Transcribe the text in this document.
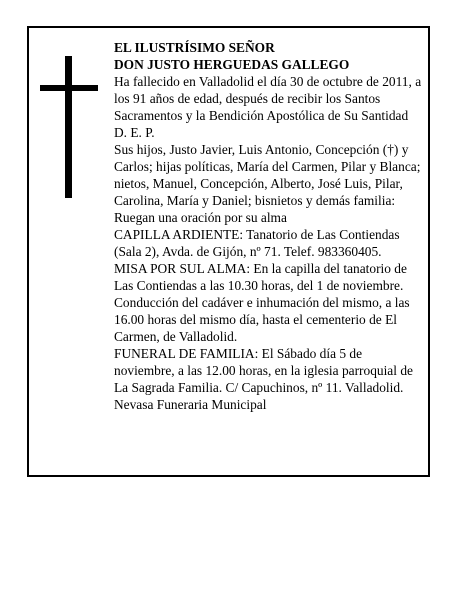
EL ILUSTRÍSIMO SEÑOR

DON JUSTO HERGUEDAS GALLEGO

Ha fallecido en Valladolid el día 30 de octubre de 2011, a los 91 años de edad, después de recibir los Santos Sacramentos y la Bendición Apostólica de Su Santidad D. E. P.

Sus hijos, Justo Javier, Luis Antonio, Concepción (†) y Carlos; hijas políticas, María del Carmen, Pilar y Blanca; nietos, Manuel, Concepción, Alberto, José Luis, Pilar, Carolina, María y Daniel; bisnietos y demás familia:

Ruegan una oración por su alma

CAPILLA ARDIENTE: Tanatorio de Las Contiendas (Sala 2), Avda. de Gijón, nº 71. Telef. 983360405.

MISA POR SUL ALMA: En la capilla del tanatorio de Las Contiendas a las 10.30 horas, del 1 de noviembre.

Conducción del cadáver e inhumación del mismo, a las 16.00 horas del mismo día, hasta el cementerio de El Carmen, de Valladolid.

FUNERAL DE FAMILIA: El Sábado día 5 de noviembre, a las 12.00 horas, en la iglesia parroquial de La Sagrada Familia. C/ Capuchinos, nº 11. Valladolid.

Nevasa Funeraria Municipal
